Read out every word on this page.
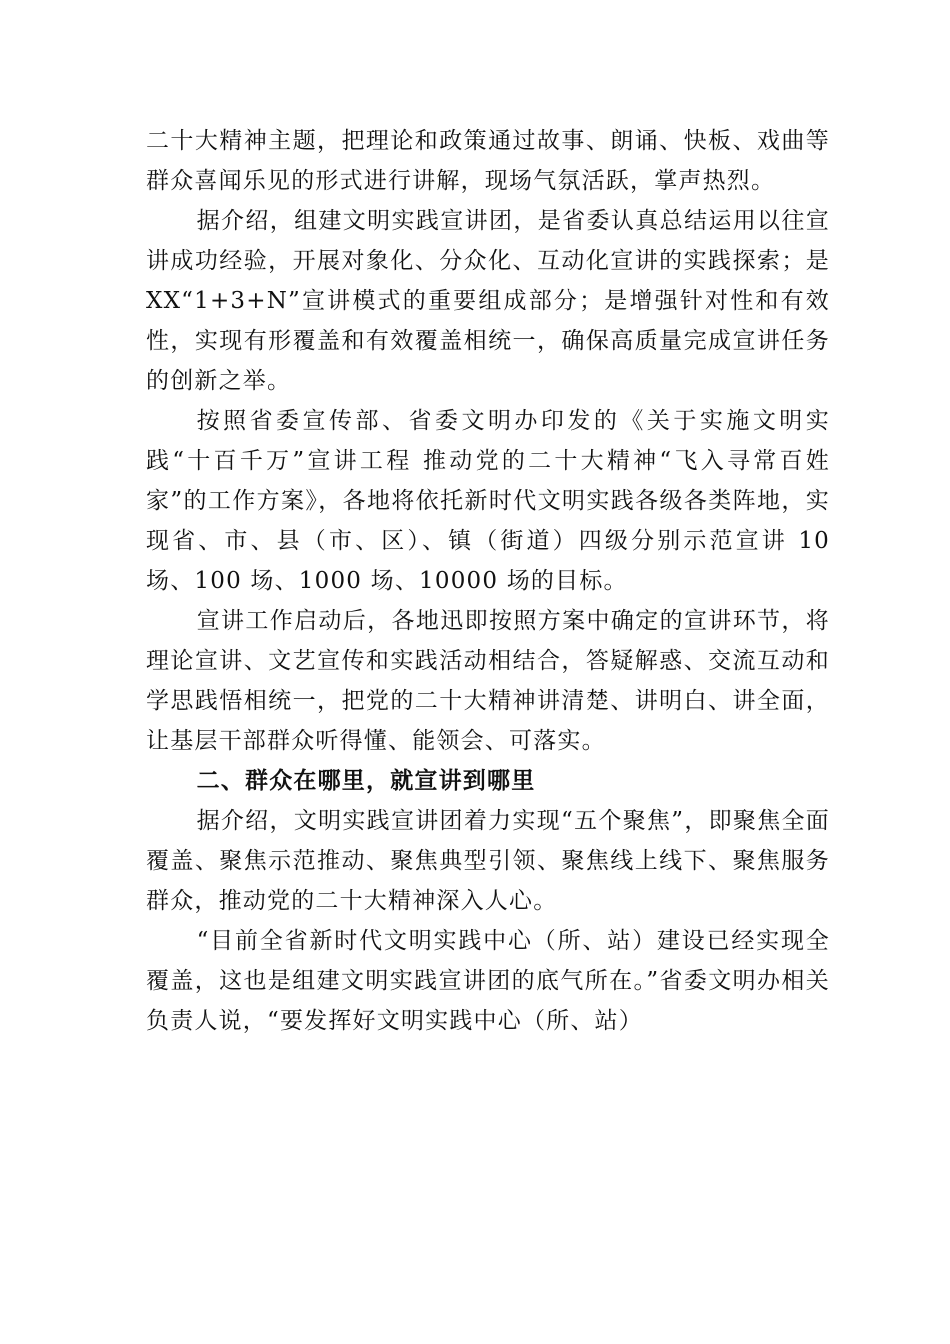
二十大精神主题，把理论和政策通过故事、朗诵、快板、戏曲等群众喜闻乐见的形式进行讲解，现场气氛活跃，掌声热烈。

据介绍，组建文明实践宣讲团，是省委认真总结运用以往宣讲成功经验，开展对象化、分众化、互动化宣讲的实践探索；是 XX“1+3+N”宣讲模式的重要组成部分；是增强针对性和有效性，实现有形覆盖和有效覆盖相统一，确保高质量完成宣讲任务的创新之举。

按照省委宣传部、省委文明办印发的《关于实施文明实践“十百千万”宣讲工程 推动党的二十大精神“飞入寻常百姓家”的工作方案》，各地将依托新时代文明实践各级各类阵地，实现省、市、县（市、区）、镇（街道）四级分别示范宣讲 10 场、100 场、1000 场、10000 场的目标。

宣讲工作启动后，各地迅即按照方案中确定的宣讲环节，将理论宣讲、文艺宣传和实践活动相结合，答疑解惑、交流互动和学思践悟相统一，把党的二十大精神讲清楚、讲明白、讲全面，让基层干部群众听得懂、能领会、可落实。

二、群众在哪里，就宣讲到哪里

据介绍，文明实践宣讲团着力实现“五个聚焦”，即聚焦全面覆盖、聚焦示范推动、聚焦典型引领、聚焦线上线下、聚焦服务群众，推动党的二十大精神深入人心。

“目前全省新时代文明实践中心（所、站）建设已经实现全覆盖，这也是组建文明实践宣讲团的底气所在。”省委文明办相关负责人说，“要发挥好文明实践中心（所、站）
